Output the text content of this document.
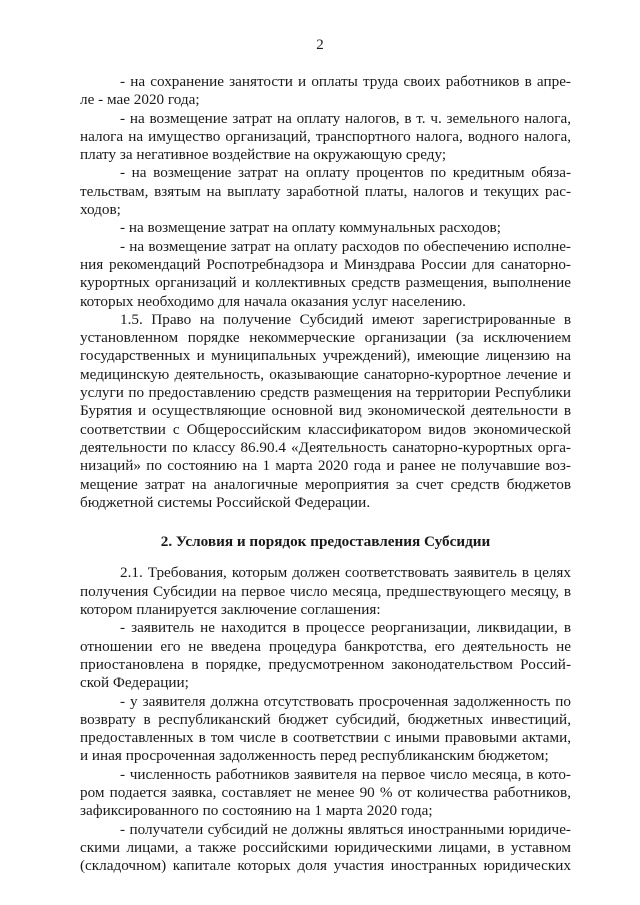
2
- на сохранение занятости и оплаты труда своих работников в апре-
ле - мае 2020 года;
- на возмещение затрат на оплату налогов, в т. ч. земельного налога,
налога на имущество организаций, транспортного налога, водного налога,
плату за негативное воздействие на окружающую среду;
- на возмещение затрат на оплату процентов по кредитным обяза-
тельствам, взятым на выплату заработной платы, налогов и текущих рас-
ходов;
- на возмещение затрат на оплату коммунальных расходов;
- на возмещение затрат на оплату расходов по обеспечению исполне-
ния рекомендаций Роспотребнадзора и Минздрава России для санаторно-
курортных организаций и коллективных средств размещения, выполнение
которых необходимо для начала оказания услуг населению.
1.5. Право на получение Субсидий имеют зарегистрированные в
установленном порядке некоммерческие организации (за исключением
государственных и муниципальных учреждений), имеющие лицензию на
медицинскую деятельность, оказывающие санаторно-курортное лечение и
услуги по предоставлению средств размещения на территории Республики
Бурятия и осуществляющие основной вид экономической деятельности в
соответствии с Общероссийским классификатором видов экономической
деятельности по классу 86.90.4 «Деятельность санаторно-курортных орга-
низаций» по состоянию на 1 марта 2020 года и ранее не получавшие воз-
мещение затрат на аналогичные мероприятия за счет средств бюджетов
бюджетной системы Российской Федерации.
2. Условия и порядок предоставления Субсидии
2.1. Требования, которым должен соответствовать заявитель в целях
получения Субсидии на первое число месяца, предшествующего месяцу, в
котором планируется заключение соглашения:
- заявитель не находится в процессе реорганизации, ликвидации, в
отношении его не введена процедура банкротства, его деятельность не
приостановлена в порядке, предусмотренном законодательством Россий-
ской Федерации;
- у заявителя должна отсутствовать просроченная задолженность по
возврату в республиканский бюджет субсидий, бюджетных инвестиций,
предоставленных в том числе в соответствии с иными правовыми актами,
и иная просроченная задолженность перед республиканским бюджетом;
- численность работников заявителя на первое число месяца, в кото-
ром подается заявка, составляет не менее 90 % от количества работников,
зафиксированного по состоянию на 1 марта 2020 года;
- получатели субсидий не должны являться иностранными юридиче-
скими лицами, а также российскими юридическими лицами, в уставном
(складочном) капитале которых доля участия иностранных юридических
